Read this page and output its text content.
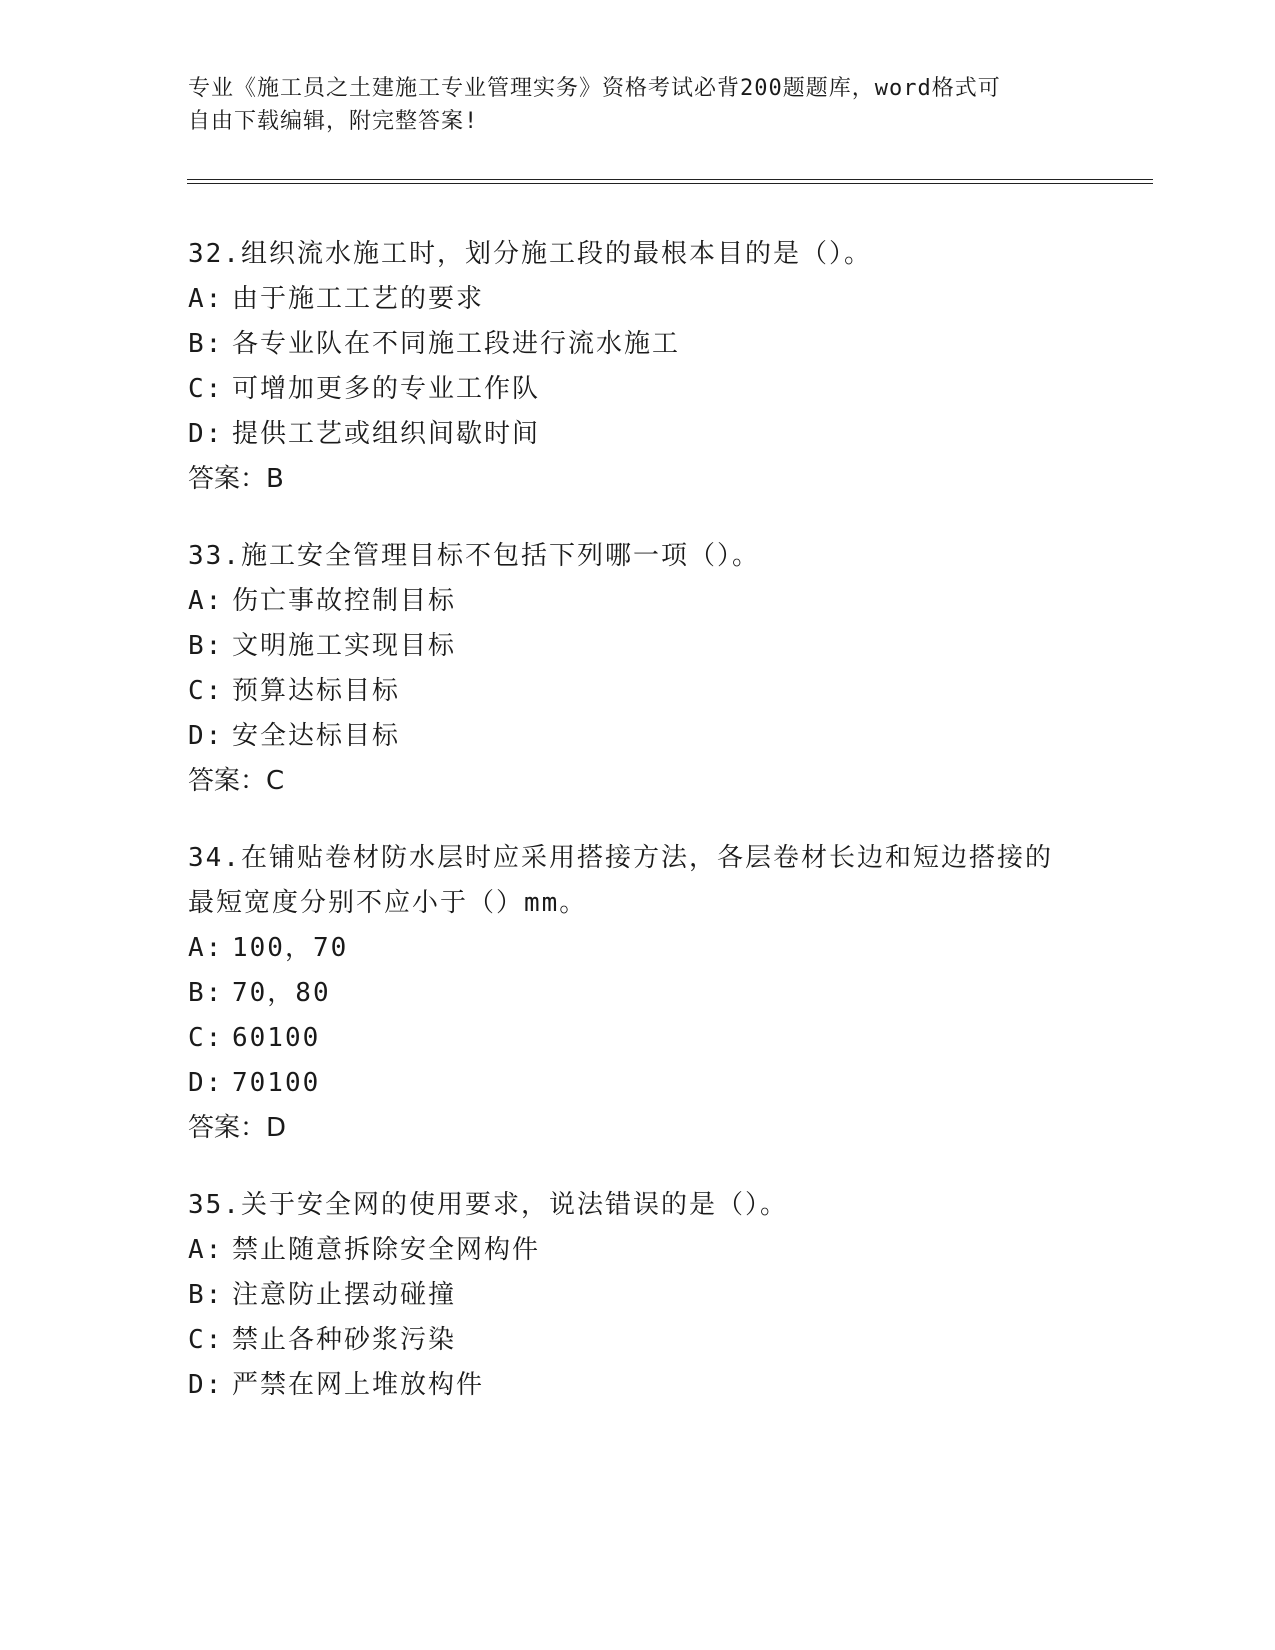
专业《施工员之土建施工专业管理实务》资格考试必背200题题库，word格式可
自由下载编辑，附完整答案!
32.组织流水施工时，划分施工段的最根本目的是（）。
A: 由于施工工艺的要求
B: 各专业队在不同施工段进行流水施工
C: 可增加更多的专业工作队
D: 提供工艺或组织间歇时间
答案：B
33.施工安全管理目标不包括下列哪一项（）。
A: 伤亡事故控制目标
B: 文明施工实现目标
C: 预算达标目标
D: 安全达标目标
答案：C
34.在铺贴卷材防水层时应采用搭接方法，各层卷材长边和短边搭接的
最短宽度分别不应小于（）mm。
A: 100，70
B: 70，80
C: 60100
D: 70100
答案：D
35.关于安全网的使用要求，说法错误的是（）。
A: 禁止随意拆除安全网构件
B: 注意防止摆动碰撞
C: 禁止各种砂浆污染
D: 严禁在网上堆放构件
